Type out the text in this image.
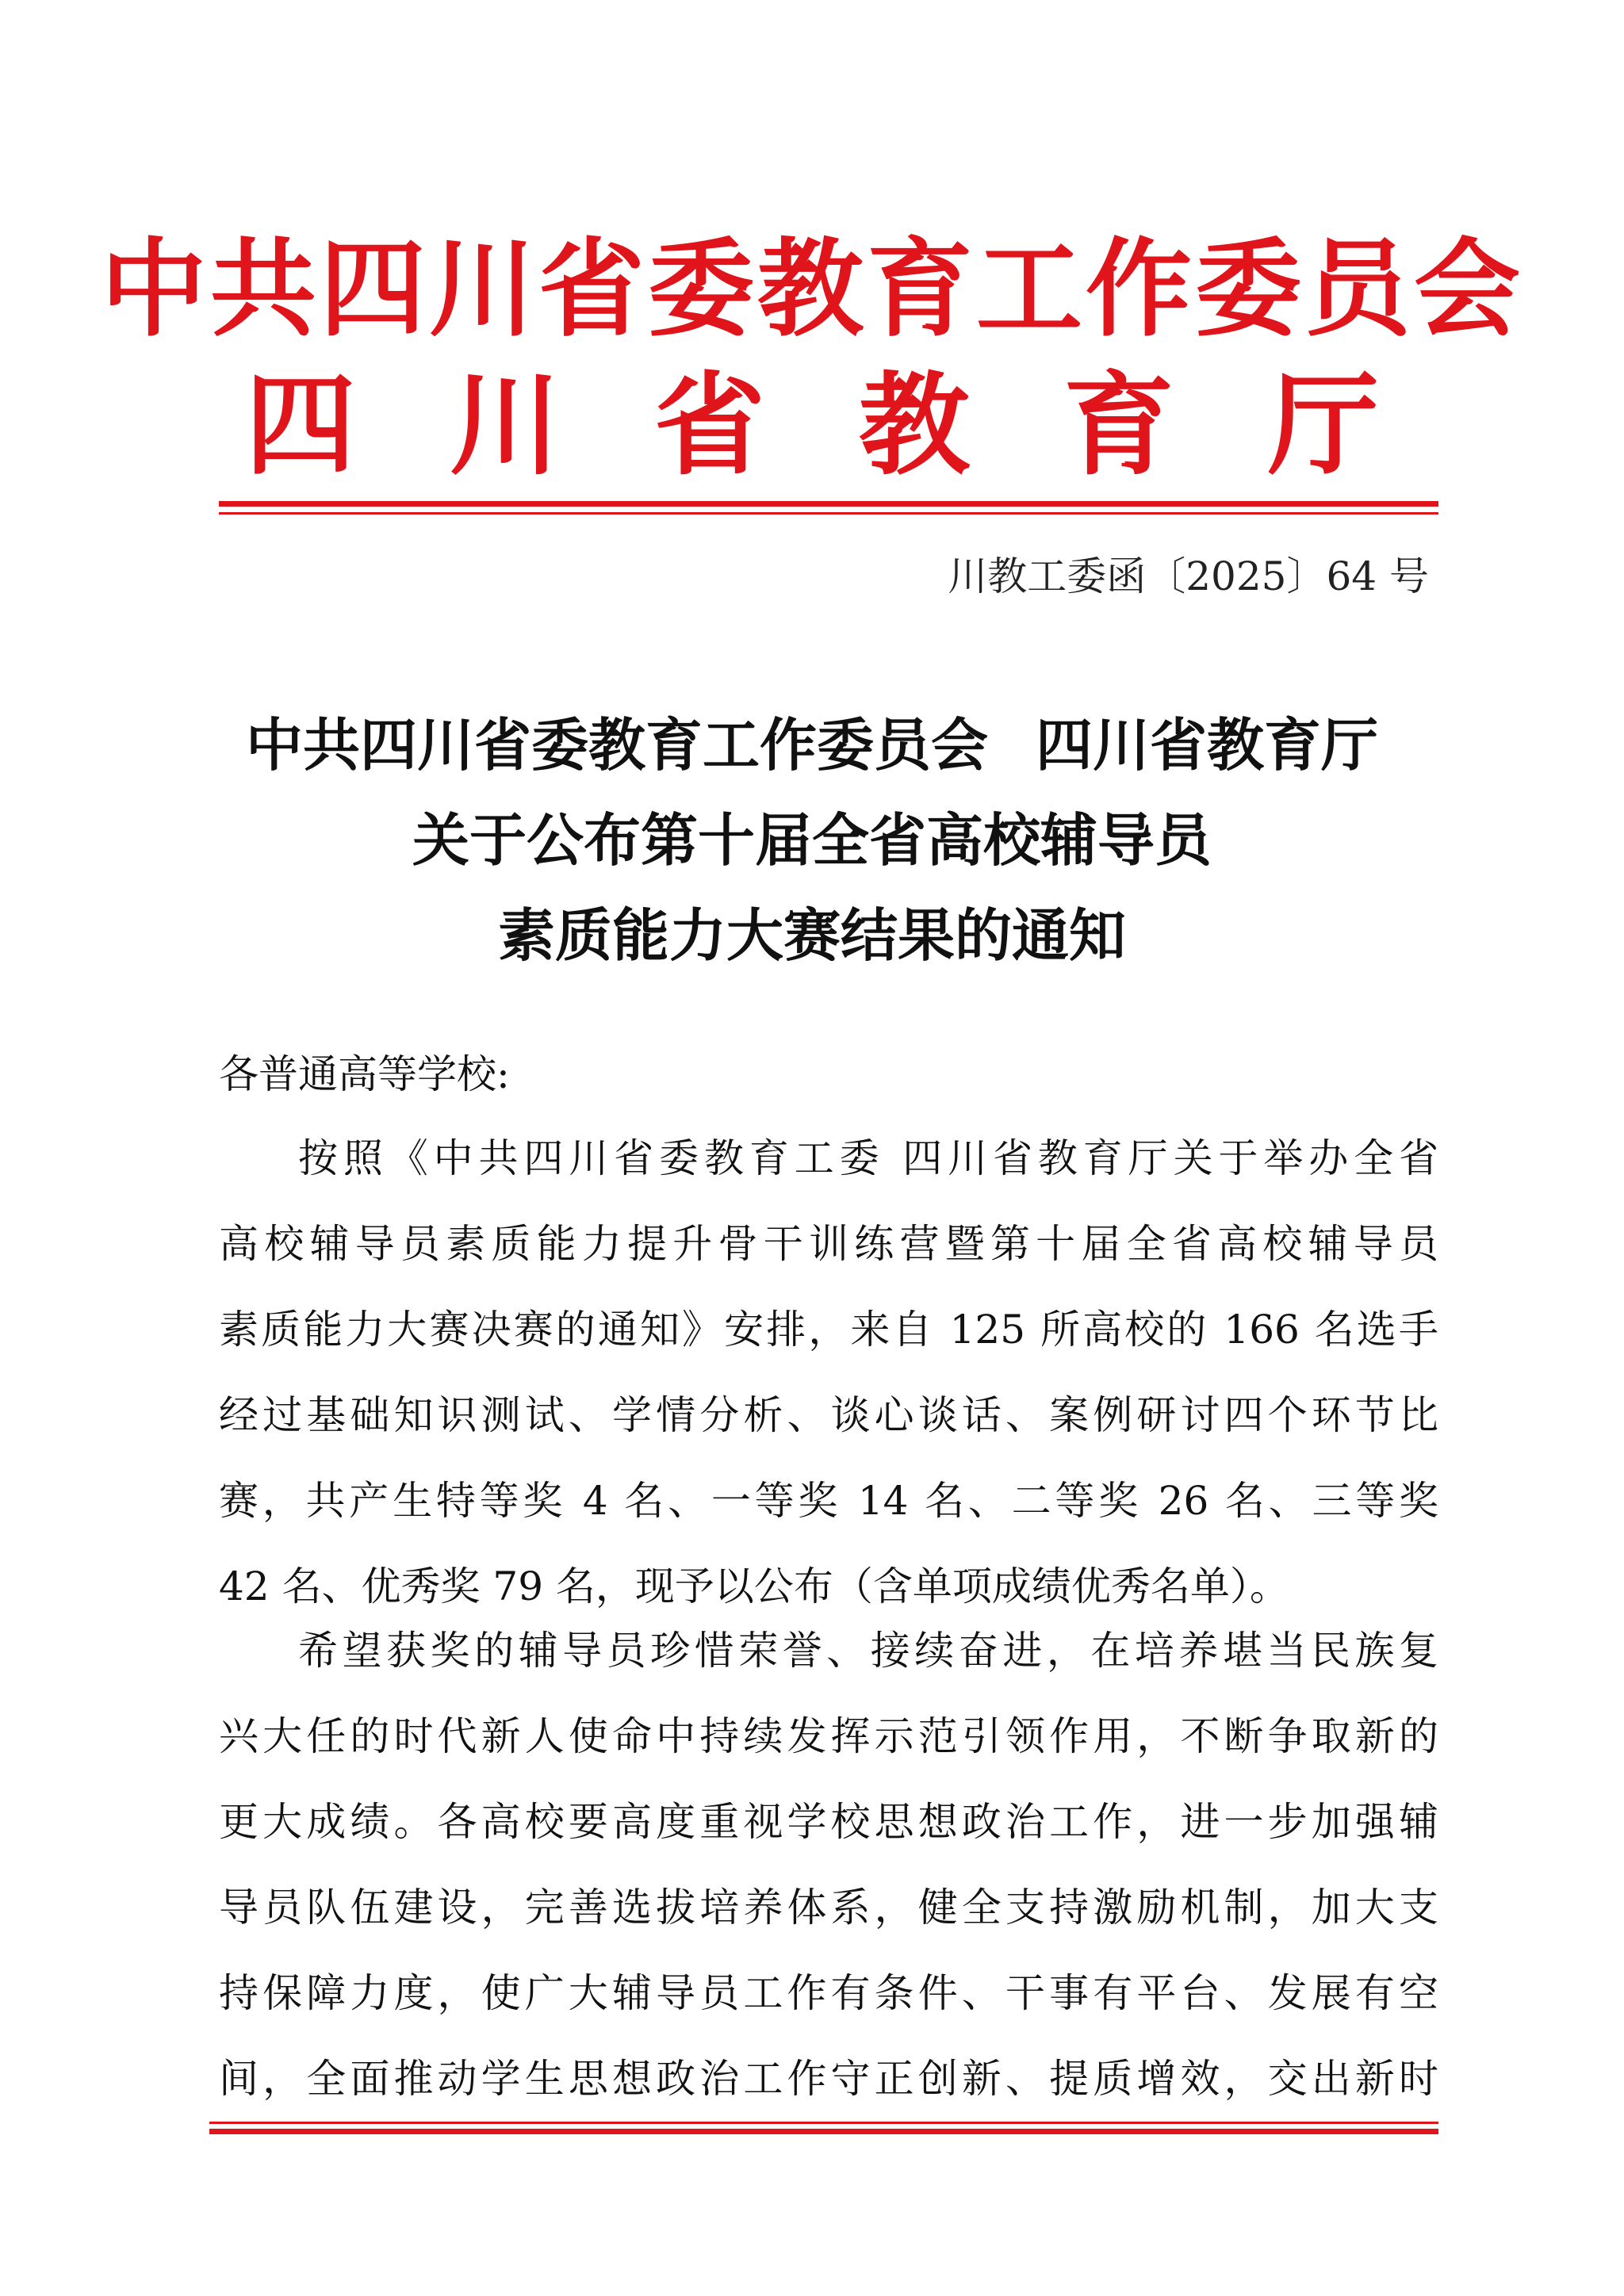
中共四川省委教育工作委员会
四川省教育厅
川教工委函〔2025〕64 号
中共四川省委教育工作委员会 四川省教育厅
关于公布第十届全省高校辅导员
素质能力大赛结果的通知
各普通高等学校:
按照《中共四川省委教育工委 四川省教育厅关于举办全省
高校辅导员素质能力提升骨干训练营暨第十届全省高校辅导员
素质能力大赛决赛的通知》安排，来自 125 所高校的 166 名选手
经过基础知识测试、学情分析、谈心谈话、案例研讨四个环节比
赛，共产生特等奖 4 名、一等奖 14 名、二等奖 26 名、三等奖
42 名、优秀奖 79 名，现予以公布（含单项成绩优秀名单）。
希望获奖的辅导员珍惜荣誉、接续奋进，在培养堪当民族复
兴大任的时代新人使命中持续发挥示范引领作用，不断争取新的
更大成绩。各高校要高度重视学校思想政治工作，进一步加强辅
导员队伍建设，完善选拔培养体系，健全支持激励机制，加大支
持保障力度，使广大辅导员工作有条件、干事有平台、发展有空
间，全面推动学生思想政治工作守正创新、提质增效，交出新时
